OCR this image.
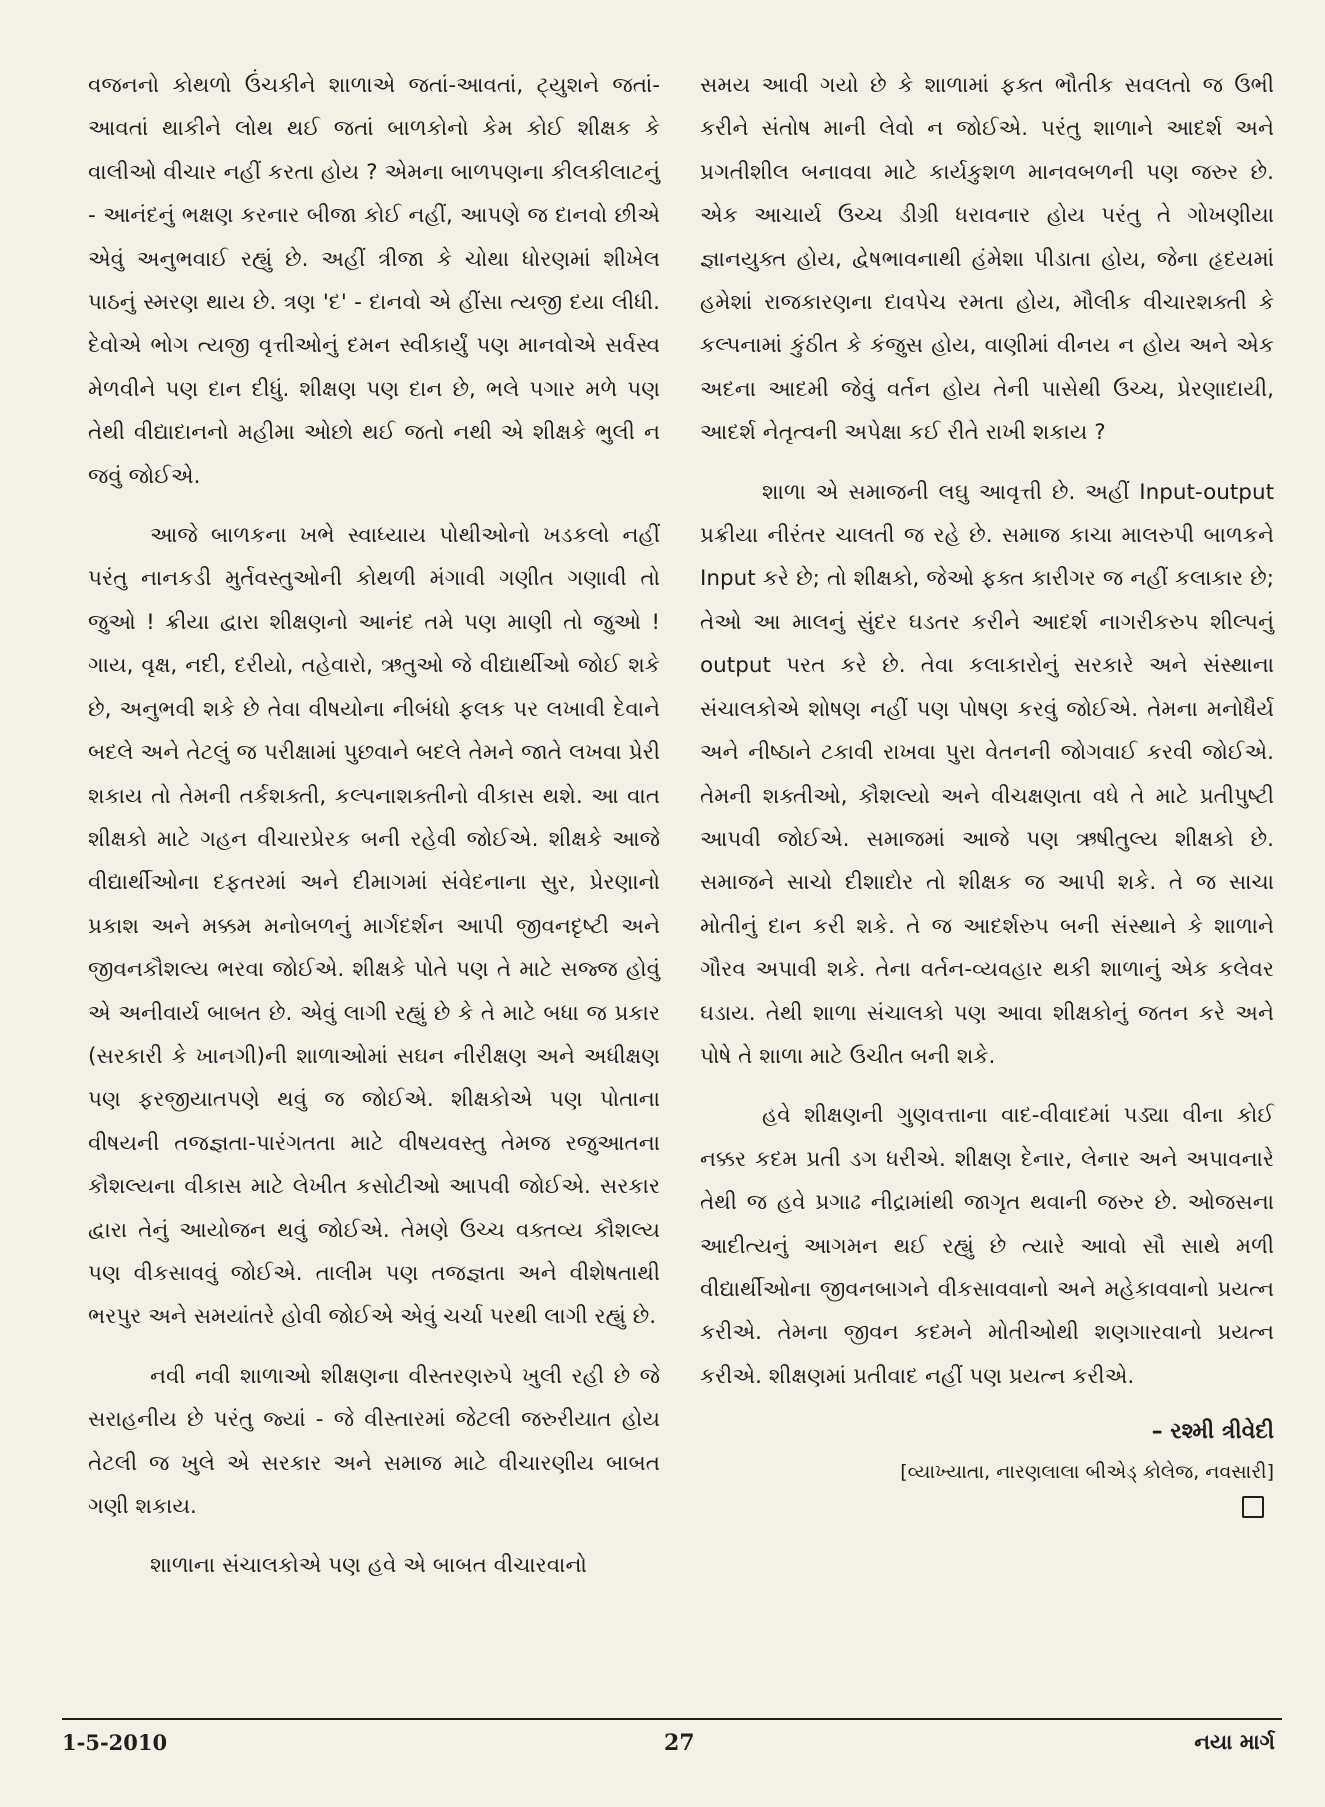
વજનનો કોથળો ઉંચકીને શાળાએ જતાં-આવતાં, ટ્યુશને જતાં-આવતાં થાકીને લોથ થઈ જતાં બાળકોનો કેમ કોઈ શીક્ષક કે વાલીઓ વીચાર નહીં કરતા હોય ? એમના બાળપણના કીલકીલાટનું - આનંદનું ભક્ષણ કરનાર બીજા કોઈ નહીં, આપણે જ દાનવો છીએ એવું અનુભવાઈ રહ્યું છે. અહીં ત્રીજા કે ચોથા ધોરણમાં શીખેલ પાઠનું સ્મરણ થાય છે. ત્રણ 'દ' - દાનવો એ હીંસા ત્યજી દયા લીધી. દેવોએ ભોગ ત્યજી વૃત્તીઓનું દમન સ્વીકાર્યું પણ માનવોએ સર્વસ્વ મેળવીને પણ દાન દીધું. શીક્ષણ પણ દાન છે, ભલે પગાર મળે પણ તેથી વીદ્યાદાનનો મહીમા ઓછો થઈ જતો નથી એ શીક્ષકે ભુલી ન જવું જોઈએ.

આજે બાળકના ખભે સ્વાધ્યાય પોથીઓનો ખડકલો નહીં પરંતુ નાનકડી મુર્તવસ્તુઓની કોથળી મંગાવી ગણીત ગણાવી તો જુઓ ! ક્રીયા દ્વારા શીક્ષણનો આનંદ તમે પણ માણી તો જુઓ ! ગાય, વૃક્ષ, નદી, દરીયો, તહેવારો, ઋતુઓ જે વીદ્યાર્થીઓ જોઈ શકે છે, અનુભવી શકે છે તેવા વીષયોના નીબંધો ફલક પર લખાવી દેવાને બદલે અને તેટલું જ પરીક્ષામાં પુછવાને બદલે તેમને જાતે લખવા પ્રેરી શકાય તો તેમની તર્કશક્તી, કલ્પનાશક્તીનો વીકાસ થશે. આ વાત શીક્ષકો માટે ગહન વીચારપ્રેરક બની રહેવી જોઈએ. શીક્ષકે આજે વીદ્યાર્થીઓના દફતરમાં અને દીમાગમાં સંવેદનાના સુર, પ્રેરણાનો પ્રકાશ અને મક્કમ મનોબળનું માર્ગદર્શન આપી જીવનદૃષ્ટી અને જીવનકૌશલ્ય ભરવા જોઈએ. શીક્ષકે પોતે પણ તે માટે સજ્જ હોવું એ અનીવાર્ય બાબત છે. એવું લાગી રહ્યું છે કે તે માટે બધા જ પ્રકાર (સરકારી કે ખાનગી)ની શાળાઓમાં સઘન નીરીક્ષણ અને અધીક્ષણ પણ ફરજીયાતપણે થવું જ જોઈએ. શીક્ષકોએ પણ પોતાના વીષયની તજજ્ઞતા-પારંગતતા માટે વીષયવસ્તુ તેમજ રજુઆતના કૌશલ્યના વીકાસ માટે લેખીત કસોટીઓ આપવી જોઈએ. સરકાર દ્વારા તેનું આયોજન થવું જોઈએ. તેમણે ઉચ્ચ વક્તવ્ય કૌશલ્ય પણ વીકસાવવું જોઈએ. તાલીમ પણ તજજ્ઞતા અને વીશેષતાથી ભરપુર અને સમયાંતરે હોવી જોઈએ એવું ચર્ચા પરથી લાગી રહ્યું છે.

નવી નવી શાળાઓ શીક્ષણના વીસ્તરણરુપે ખુલી રહી છે જે સરાહનીય છે પરંતુ જ્યાં - જે વીસ્તારમાં જેટલી જરુરીયાત હોય તેટલી જ ખુલે એ સરકાર અને સમાજ માટે વીચારણીય બાબત ગણી શકાય.

શાળાના સંચાલકોએ પણ હવે એ બાબત વીચારવાનો

સમય આવી ગયો છે કે શાળામાં ફક્ત ભૌતીક સવલતો જ ઉભી કરીને સંતોષ માની લેવો ન જોઈએ. પરંતુ શાળાને આદર્શ અને પ્રગતીશીલ બનાવવા માટે કાર્યકુશળ માનવબળની પણ જરુર છે. એક આચાર્ય ઉચ્ચ ડીગ્રી ધરાવનાર હોય પરંતુ તે ગોખણીયા જ્ઞાનયુક્ત હોય, દ્વેષભાવનાથી હંમેશા પીડાતા હોય, જેના હૃદયમાં હમેશાં રાજકારણના દાવપેચ રમતા હોય, મૌલીક વીચારશક્તી કે કલ્પનામાં કુંઠીત કે કંજુસ હોય, વાણીમાં વીનય ન હોય અને એક અદના આદમી જેવું વર્તન હોય તેની પાસેથી ઉચ્ચ, પ્રેરણાદાયી, આદર્શ નેતૃત્વની અપેક્ષા કઈ રીતે રાખી શકાય ?

શાળા એ સમાજની લઘુ આવૃત્તી છે. અહીં Input-output પ્રક્રીયા નીરંતર ચાલતી જ રહે છે. સમાજ કાચા માલરુપી બાળકને Input કરે છે; તો શીક્ષકો, જેઓ ફક્ત કારીગર જ નહીં કલાકાર છે; તેઓ આ માલનું સુંદર ઘડતર કરીને આદર્શ નાગરીકરુપ શીલ્પનું output પરત કરે છે. તેવા કલાકારોનું સરકારે અને સંસ્થાના સંચાલકોએ શોષણ નહીં પણ પોષણ કરવું જોઈએ. તેમના મનોધૈર્ય અને નીષ્ઠાને ટકાવી રાખવા પુરા વેતનની જોગવાઈ કરવી જોઈએ. તેમની શક્તીઓ, કૌશલ્યો અને વીચક્ષણતા વધે તે માટે પ્રતીપુષ્ટી આપવી જોઈએ. સમાજમાં આજે પણ ઋષીતુલ્ય શીક્ષકો છે. સમાજને સાચો દીશાદોર તો શીક્ષક જ આપી શકે. તે જ સાચા મોતીનું દાન કરી શકે. તે જ આદર્શરુપ બની સંસ્થાને કે શાળાને ગૌરવ અપાવી શકે. તેના વર્તન-વ્યવહાર થકી શાળાનું એક કલેવર ઘડાય. તેથી શાળા સંચાલકો પણ આવા શીક્ષકોનું જતન કરે અને પોષે તે શાળા માટે ઉચીત બની શકે.

હવે શીક્ષણની ગુણવત્તાના વાદ-વીવાદમાં પડ્યા વીના કોઈ નક્કર કદમ પ્રતી ડગ ધરીએ. શીક્ષણ દેનાર, લેનાર અને અપાવનારે તેથી જ હવે પ્રગાઢ નીદ્રામાંથી જાગૃત થવાની જરુર છે. ઓજસના આદીત્યનું આગમન થઈ રહ્યું છે ત્યારે આવો સૌ સાથે મળી વીદ્યાર્થીઓના જીવનબાગને વીકસાવવાનો અને મહેકાવવાનો પ્રયત્ન કરીએ. તેમના જીવન કદમને મોતીઓથી શણગારવાનો પ્રયત્ન કરીએ. શીક્ષણમાં પ્રતીવાદ નહીં પણ પ્રયત્ન કરીએ.

– રશ્મી ત્રીવેદી
[વ્યાખ્યાતા, નારણલાલા બીએડ્ કોલેજ, નવસારી]
1-5-2010	27	નયા માર્ગ
